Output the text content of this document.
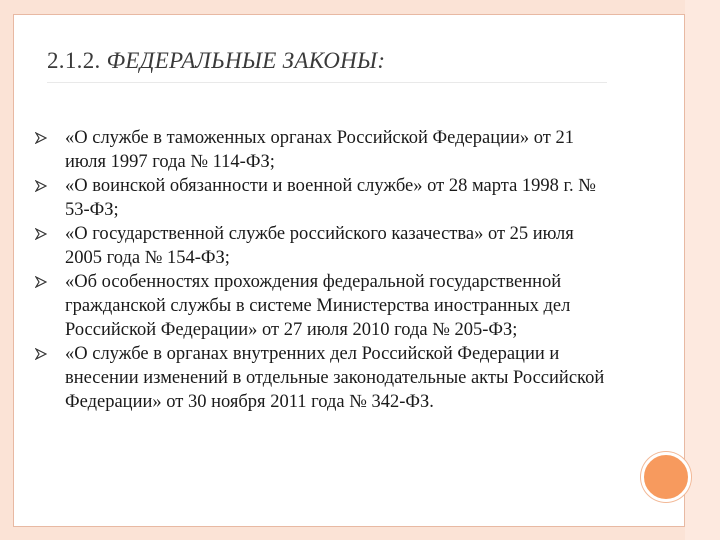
2.1.2. ФЕДЕРАЛЬНЫЕ ЗАКОНЫ:
«О службе в таможенных органах Российской Федерации» от 21 июля 1997 года № 114-ФЗ;
«О воинской обязанности и военной службе» от 28 марта 1998 г. № 53-ФЗ;
«О государственной службе российского казачества» от 25 июля 2005 года № 154-ФЗ;
«Об особенностях прохождения федеральной государственной гражданской службы в системе Министерства иностранных дел Российской Федерации» от 27 июля 2010 года № 205-ФЗ;
«О службе в органах внутренних дел Российской Федерации и внесении изменений в отдельные законодательные акты Российской Федерации» от 30 ноября 2011 года № 342-ФЗ.
